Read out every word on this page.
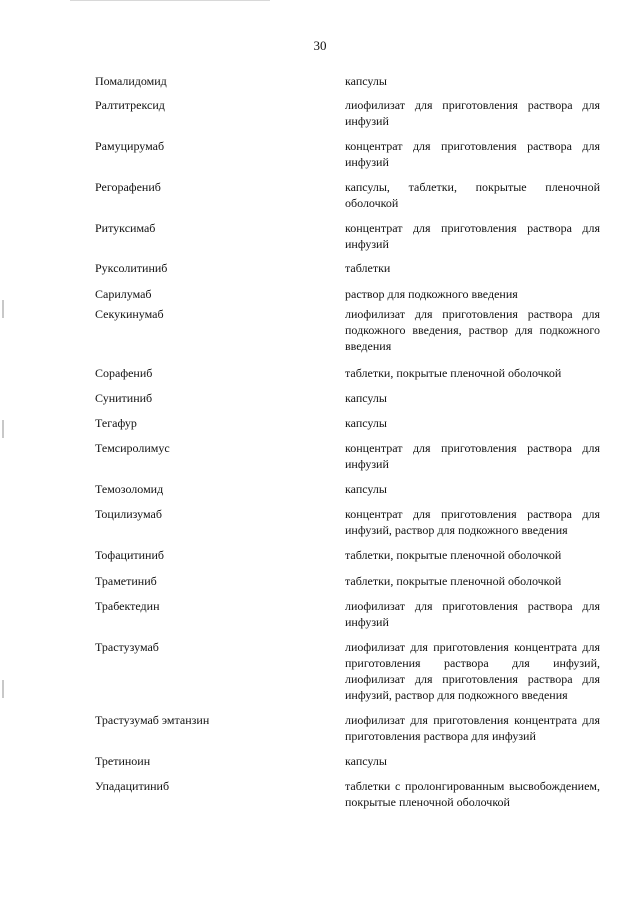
30
Помалидомид	капсулы
Ралтитрексид	лиофилизат для приготовления раствора для инфузий
Рамуцирумаб	концентрат для приготовления раствора для инфузий
Регорафениб	капсулы, таблетки, покрытые пленочной оболочкой
Ритуксимаб	концентрат для приготовления раствора для инфузий
Руксолитиниб	таблетки
Сарилумаб	раствор для подкожного введения
Секукинумаб	лиофилизат для приготовления раствора для подкожного введения, раствор для подкожного введения
Сорафениб	таблетки, покрытые пленочной оболочкой
Сунитиниб	капсулы
Тегафур	капсулы
Темсиролимус	концентрат для приготовления раствора для инфузий
Темозоломид	капсулы
Тоцилизумаб	концентрат для приготовления раствора для инфузий, раствор для подкожного введения
Тофацитиниб	таблетки, покрытые пленочной оболочкой
Траметиниб	таблетки, покрытые пленочной оболочкой
Трабектедин	лиофилизат для приготовления раствора для инфузий
Трастузумаб	лиофилизат для приготовления концентрата для приготовления раствора для инфузий, лиофилизат для приготовления раствора для инфузий, раствор для подкожного введения
Трастузумаб эмтанзин	лиофилизат для приготовления концентрата для приготовления раствора для инфузий
Третиноин	капсулы
Упадацитиниб	таблетки с пролонгированным высвобождением, покрытые пленочной оболочкой
